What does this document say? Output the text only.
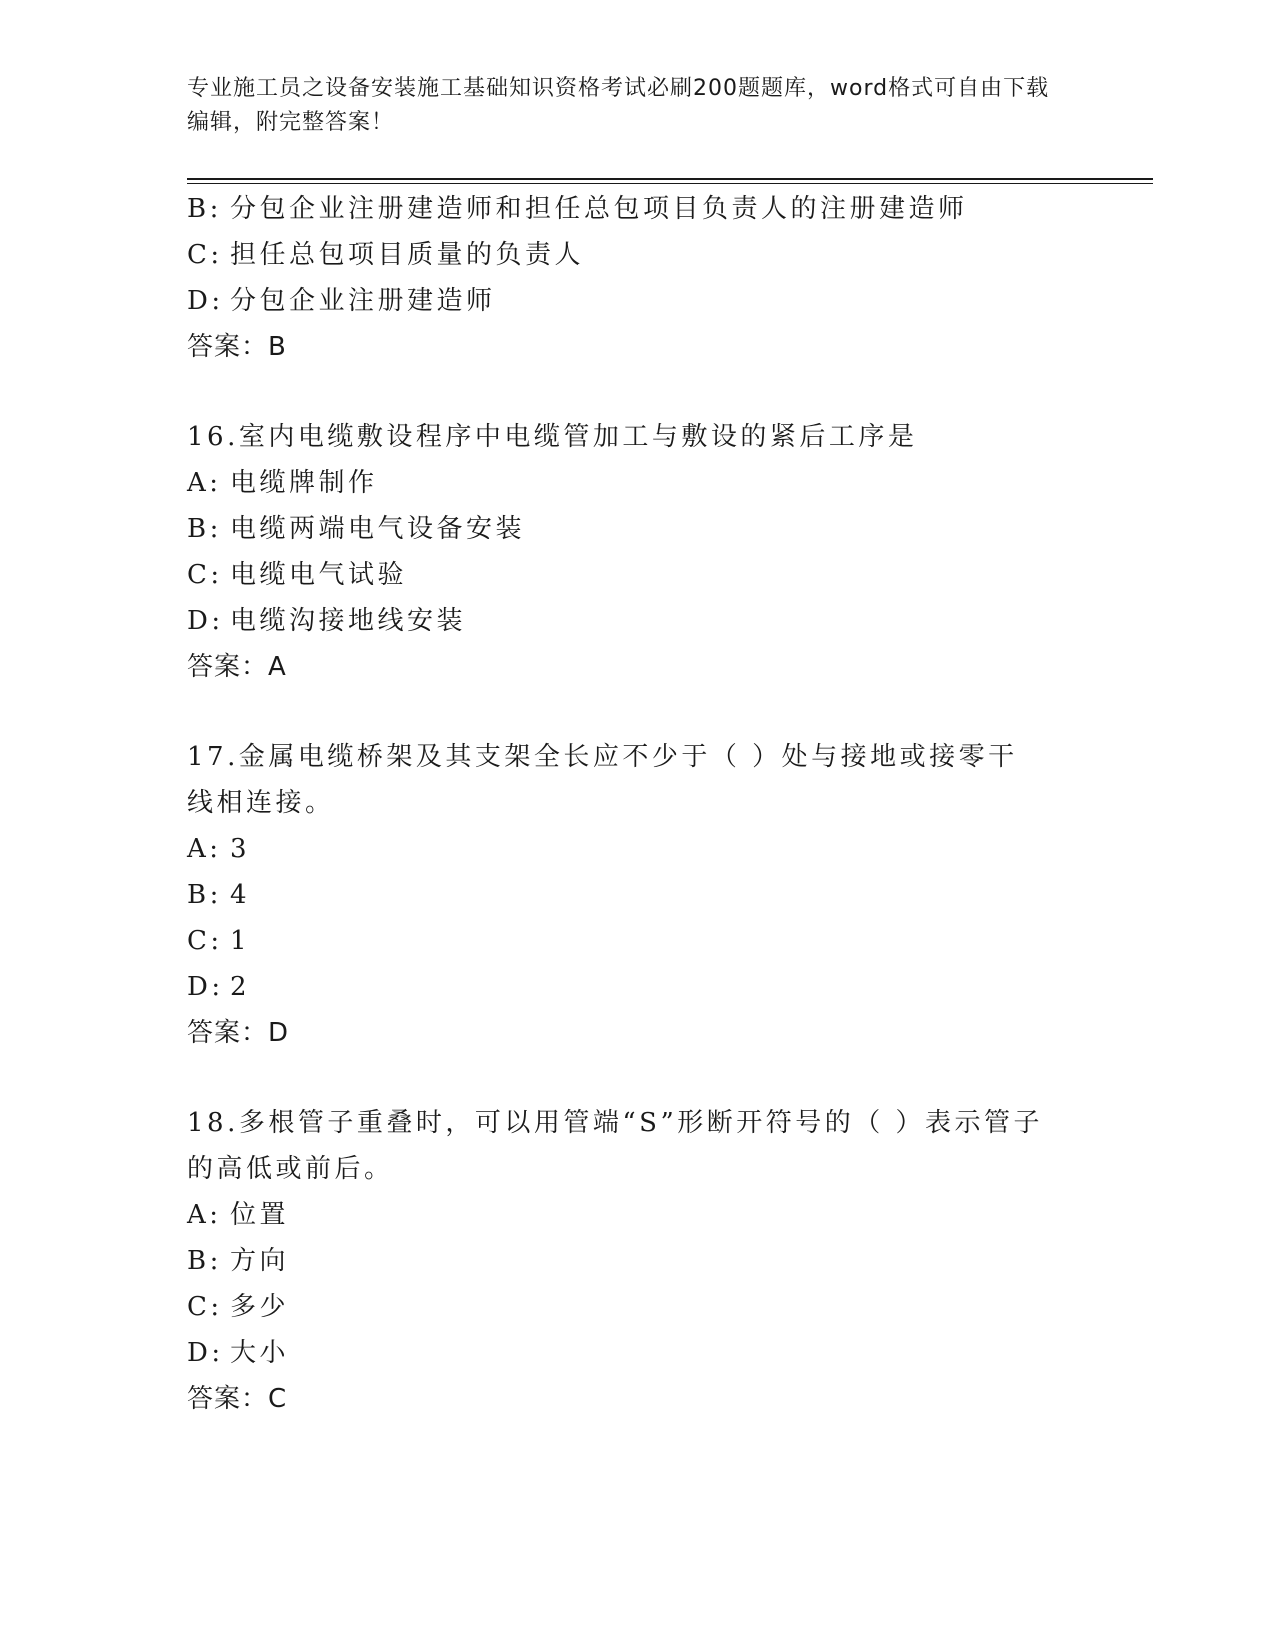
专业施工员之设备安装施工基础知识资格考试必刷200题题库，word格式可自由下载编辑，附完整答案！
B: 分包企业注册建造师和担任总包项目负责人的注册建造师
C: 担任总包项目质量的负责人
D: 分包企业注册建造师
答案：B
16.室内电缆敷设程序中电缆管加工与敷设的紧后工序是
A: 电缆牌制作
B: 电缆两端电气设备安装
C: 电缆电气试验
D: 电缆沟接地线安装
答案：A
17.金属电缆桥架及其支架全长应不少于（ ）处与接地或接零干线相连接。
A: 3
B: 4
C: 1
D: 2
答案：D
18.多根管子重叠时，可以用管端“S”形断开符号的（ ）表示管子的高低或前后。
A: 位置
B: 方向
C: 多少
D: 大小
答案：C
